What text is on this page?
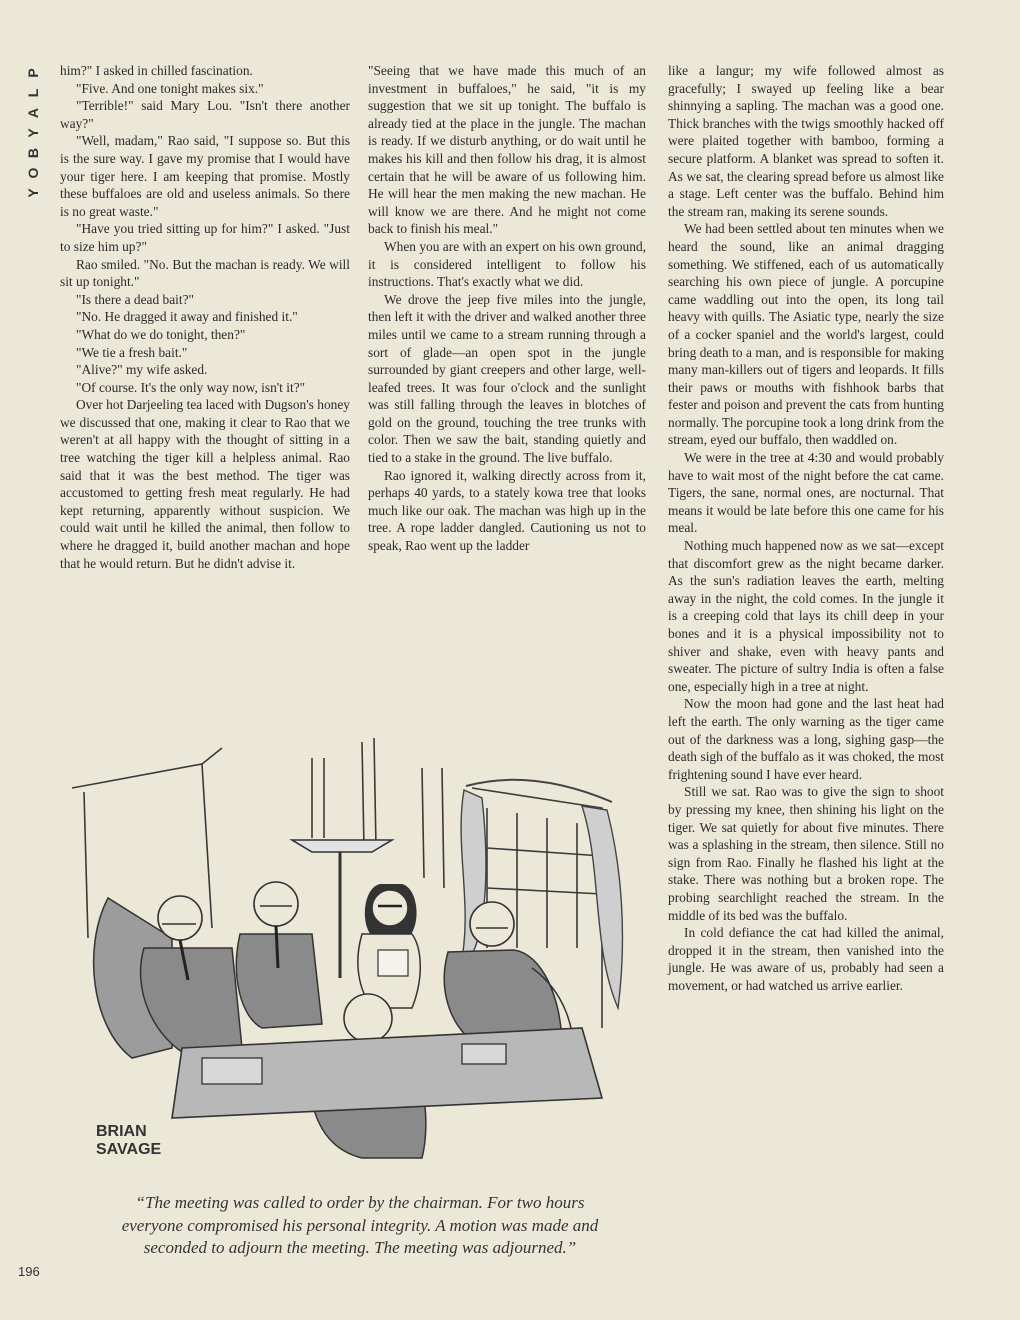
P
L
A
Y
B
O
Y

him?" I asked in chilled fascination.

"Five. And one tonight makes six."

"Terrible!" said Mary Lou. "Isn't there another way?"

"Well, madam," Rao said, "I suppose so. But this is the sure way. I gave my promise that I would have your tiger here. I am keeping that promise. Mostly these buffaloes are old and useless animals. So there is no great waste."

"Have you tried sitting up for him?" I asked. "Just to size him up?"

Rao smiled. "No. But the machan is ready. We will sit up tonight."

"Is there a dead bait?"

"No. He dragged it away and finished it."

"What do we do tonight, then?"

"We tie a fresh bait."

"Alive?" my wife asked.

"Of course. It's the only way now, isn't it?"

Over hot Darjeeling tea laced with Dugson's honey we discussed that one, making it clear to Rao that we weren't at all happy with the thought of sitting in a tree watching the tiger kill a helpless animal. Rao said that it was the best method. The tiger was accustomed to getting fresh meat regularly. He had kept returning, apparently without suspicion. We could wait until he killed the animal, then follow to where he dragged it, build another machan and hope that he would return. But he didn't advise it.

"Seeing that we have made this much of an investment in buffaloes," he said, "it is my suggestion that we sit up tonight. The buffalo is already tied at the place in the jungle. The machan is ready. If we disturb anything, or do wait until he makes his kill and then follow his drag, it is almost certain that he will be aware of us following him. He will hear the men making the new machan. He will know we are there. And he might not come back to finish his meal."

When you are with an expert on his own ground, it is considered intelligent to follow his instructions. That's exactly what we did.

We drove the jeep five miles into the jungle, then left it with the driver and walked another three miles until we came to a stream running through a sort of glade—an open spot in the jungle surrounded by giant creepers and other large, well-leafed trees. It was four o'clock and the sunlight was still falling through the leaves in blotches of gold on the ground, touching the tree trunks with color. Then we saw the bait, standing quietly and tied to a stake in the ground. The live buffalo.

Rao ignored it, walking directly across from it, perhaps 40 yards, to a stately kowa tree that looks much like our oak. The machan was high up in the tree. A rope ladder dangled. Cautioning us not to speak, Rao went up the ladder

like a langur; my wife followed almost as gracefully; I swayed up feeling like a bear shinnying a sapling. The machan was a good one. Thick branches with the twigs smoothly hacked off were plaited together with bamboo, forming a secure platform. A blanket was spread to soften it. As we sat, the clearing spread before us almost like a stage. Left center was the buffalo. Behind him the stream ran, making its serene sounds.

We had been settled about ten minutes when we heard the sound, like an animal dragging something. We stiffened, each of us automatically searching his own piece of jungle. A porcupine came waddling out into the open, its long tail heavy with quills. The Asiatic type, nearly the size of a cocker spaniel and the world's largest, could bring death to a man, and is responsible for making many man-killers out of tigers and leopards. It fills their paws or mouths with fishhook barbs that fester and poison and prevent the cats from hunting normally. The porcupine took a long drink from the stream, eyed our buffalo, then waddled on.

We were in the tree at 4:30 and would probably have to wait most of the night before the cat came. Tigers, the sane, normal ones, are nocturnal. That means it would be late before this one came for his meal.

Nothing much happened now as we sat—except that discomfort grew as the night became darker. As the sun's radiation leaves the earth, melting away in the night, the cold comes. In the jungle it is a creeping cold that lays its chill deep in your bones and it is a physical impossibility not to shiver and shake, even with heavy pants and sweater. The picture of sultry India is often a false one, especially high in a tree at night.

Now the moon had gone and the last heat had left the earth. The only warning as the tiger came out of the darkness was a long, sighing gasp—the death sigh of the buffalo as it was choked, the most frightening sound I have ever heard.

Still we sat. Rao was to give the sign to shoot by pressing my knee, then shining his light on the tiger. We sat quietly for about five minutes. There was a splashing in the stream, then silence. Still no sign from Rao. Finally he flashed his light at the stake. There was nothing but a broken rope. The probing searchlight reached the stream. In the middle of its bed was the buffalo.

In cold defiance the cat had killed the animal, dropped it in the stream, then vanished into the jungle. He was aware of us, probably had seen a movement, or had watched us arrive earlier.

BRIAN
SAVAGE
“The meeting was called to order by the chairman. For two hours everyone compromised his personal integrity. A motion was made and seconded to adjourn the meeting. The meeting was adjourned.”
196
